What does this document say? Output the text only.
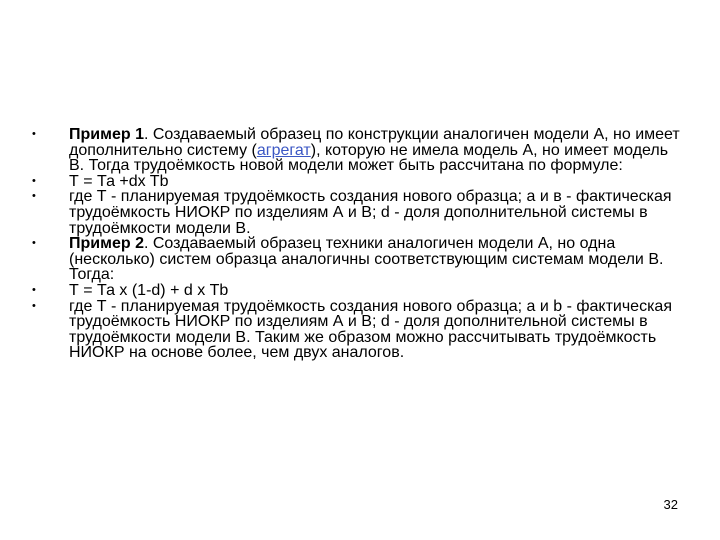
• Пример 1. Создаваемый образец по конструкции аналогичен модели А, но имеет дополнительно систему (агрегат), которую не имела модель А, но имеет модель В. Тогда трудоёмкость новой модели может быть рассчитана по формуле:
• Т = Та +dx Tb
• где Т - планируемая трудоёмкость создания нового образца; а и в - фактическая трудоёмкость НИОКР по изделиям А и В; d - доля дополнительной системы в трудоёмкости модели В.
• Пример 2. Создаваемый образец техники аналогичен модели А, но одна (несколько) систем образца аналогичны соответствующим системам модели В. Тогда:
• Т = Та х (1-d) + d х Тb
• где Т - планируемая трудоёмкость создания нового образца; а и b - фактическая трудоёмкость НИОКР по изделиям А и В; d - доля дополнительной системы в трудоёмкости модели В. Таким же образом можно рассчитывать трудоёмкость НИОКР на основе более, чем двух аналогов.
32
